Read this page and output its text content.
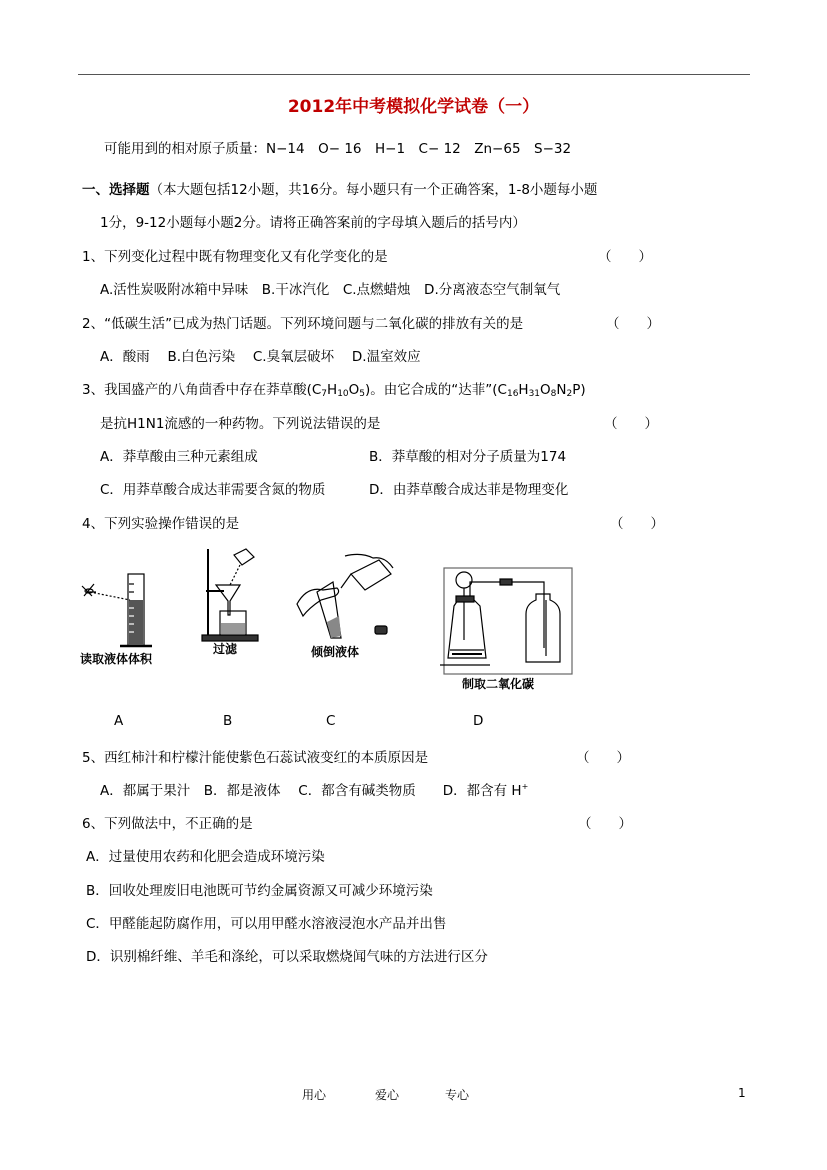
2012年中考模拟化学试卷（一）
可能用到的相对原子质量：N−14　O− 16　H−1　C− 12　Zn−65　S−32
一、选择题（本大题包括12小题，共16分。每小题只有一个正确答案，1-8小题每小题
1分，9-12小题每小题2分。请将正确答案前的字母填入题后的括号内）
1、下列变化过程中既有物理变化又有化学变化的是	（　　）
A.活性炭吸附冰箱中异味　B.干冰汽化　C.点燃蜡烛　D.分离液态空气制氧气
2、“低碳生活”已成为热门话题。下列环境问题与二氧化碳的排放有关的是	（　　）
A．酸雨　 B.白色污染　 C.臭氧层破坏　 D.温室效应
3、我国盛产的八角茴香中存在莽草酸(C7H10O5)。由它合成的“达菲”(C16H31O8N2P)
是抗H1N1流感的一种药物。下列说法错误的是	（　　）
A．莽草酸由三种元素组成	B．莽草酸的相对分子质量为174
C．用莽草酸合成达菲需要含氮的物质	D．由莽草酸合成达菲是物理变化
4、下列实验操作错误的是	（　　）
读取液体体积
过滤	倾倒液体
制取二氧化碳
A	B	C	D
5、西红柿汁和柠檬汁能使紫色石蕊试液变红的本质原因是	（　　）
A．都属于果汁　B．都是液体　 C．都含有碱类物质　　D．都含有 H+
6、下列做法中，不正确的是	（　　）
A．过量使用农药和化肥会造成环境污染
B．回收处理废旧电池既可节约金属资源又可减少环境污染
C．甲醛能起防腐作用，可以用甲醛水溶液浸泡水产品并出售
D．识别棉纤维、羊毛和涤纶，可以采取燃烧闻气味的方法进行区分
用心	爱心	专心	1
